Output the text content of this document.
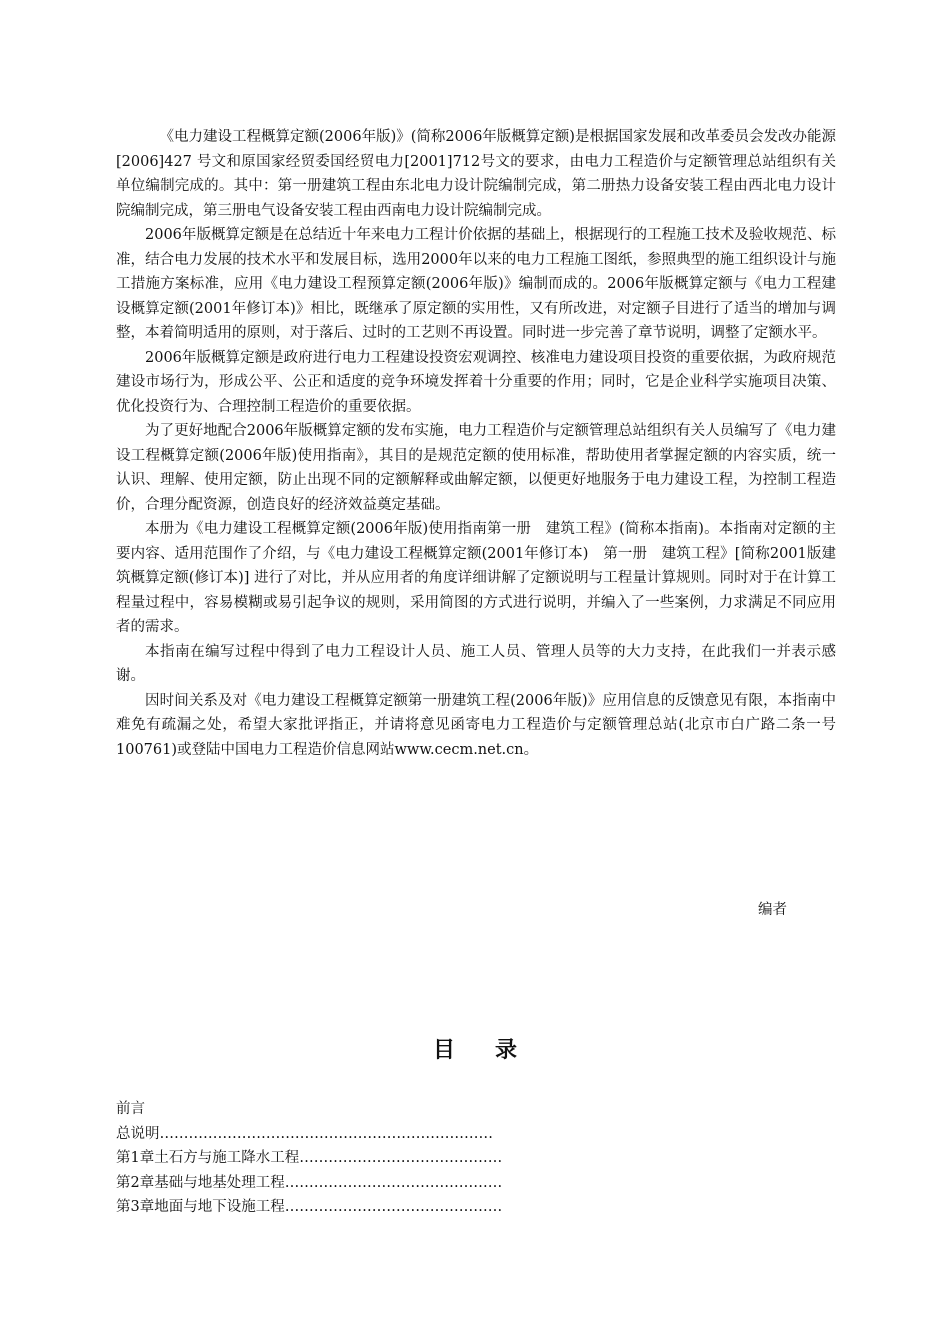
《电力建设工程概算定额(2006年版)》(简称2006年版概算定额)是根据国家发展和改革委员会发改办能源[2006]427 号文和原国家经贸委国经贸电力[2001]712号文的要求，由电力工程造价与定额管理总站组织有关单位编制完成的。其中：第一册建筑工程由东北电力设计院编制完成，第二册热力设备安装工程由西北电力设计院编制完成，第三册电气设备安装工程由西南电力设计院编制完成。

2006年版概算定额是在总结近十年来电力工程计价依据的基础上，根据现行的工程施工技术及验收规范、标准，结合电力发展的技术水平和发展目标，选用2000年以来的电力工程施工图纸，参照典型的施工组织设计与施工措施方案标准，应用《电力建设工程预算定额(2006年版)》编制而成的。2006年版概算定额与《电力工程建设概算定额(2001年修订本)》相比，既继承了原定额的实用性，又有所改进，对定额子目进行了适当的增加与调整，本着简明适用的原则，对于落后、过时的工艺则不再设置。同时进一步完善了章节说明，调整了定额水平。

2006年版概算定额是政府进行电力工程建设投资宏观调控、核准电力建设项目投资的重要依据，为政府规范建设市场行为，形成公平、公正和适度的竞争环境发挥着十分重要的作用；同时，它是企业科学实施项目决策、优化投资行为、合理控制工程造价的重要依据。

为了更好地配合2006年版概算定额的发布实施，电力工程造价与定额管理总站组织有关人员编写了《电力建设工程概算定额(2006年版)使用指南》，其目的是规范定额的使用标准，帮助使用者掌握定额的内容实质，统一认识、理解、使用定额，防止出现不同的定额解释或曲解定额，以便更好地服务于电力建设工程，为控制工程造价，合理分配资源，创造良好的经济效益奠定基础。

本册为《电力建设工程概算定额(2006年版)使用指南第一册　建筑工程》(简称本指南)。本指南对定额的主要内容、适用范围作了介绍，与《电力建设工程概算定额(2001年修订本)　第一册　建筑工程》[简称2001版建筑概算定额(修订本)] 进行了对比，并从应用者的角度详细讲解了定额说明与工程量计算规则。同时对于在计算工程量过程中，容易模糊或易引起争议的规则，采用简图的方式进行说明，并编入了一些案例，力求满足不同应用者的需求。

本指南在编写过程中得到了电力工程设计人员、施工人员、管理人员等的大力支持，在此我们一并表示感谢。

因时间关系及对《电力建设工程概算定额第一册建筑工程(2006年版)》应用信息的反馈意见有限，本指南中难免有疏漏之处，希望大家批评指正，并请将意见函寄电力工程造价与定额管理总站(北京市白广路二条一号100761)或登陆中国电力工程造价信息网站www.cecm.net.cn。

编者
目录
前言
总说明……………………………………………………………
第1章土石方与施工降水工程……………………………………
第2章基础与地基处理工程………………………………………
第3章地面与地下设施工程………………………………………
